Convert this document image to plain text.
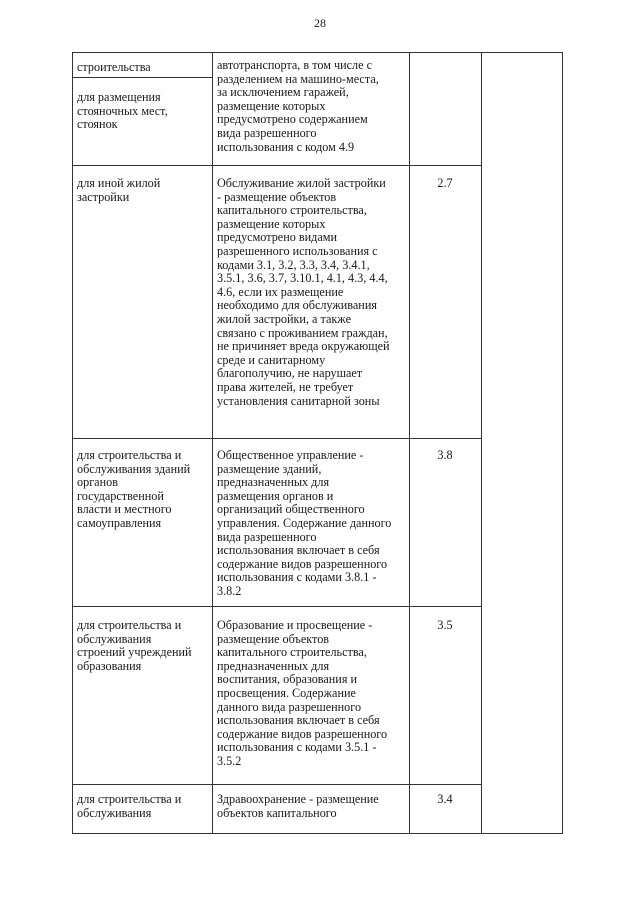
28
строительства
для размещения
стояночных мест,
стоянок
автотранспорта, в том числе с
разделением на машино-места,
за исключением гаражей,
размещение которых
предусмотрено содержанием
вида разрешенного
использования с кодом 4.9
для иной жилой
застройки
Обслуживание жилой застройки
- размещение объектов
капитального строительства,
размещение которых
предусмотрено видами
разрешенного использования с
кодами 3.1, 3.2, 3.3, 3.4, 3.4.1,
3.5.1, 3.6, 3.7, 3.10.1, 4.1, 4.3, 4.4,
4.6, если их размещение
необходимо для обслуживания
жилой застройки, а также
связано с проживанием граждан,
не причиняет вреда окружающей
среде и санитарному
благополучию, не нарушает
права жителей, не требует
установления санитарной зоны
2.7
для строительства и
обслуживания зданий
органов
государственной
власти и местного
самоуправления
Общественное управление -
размещение зданий,
предназначенных для
размещения органов и
организаций общественного
управления. Содержание данного
вида разрешенного
использования включает в себя
содержание видов разрешенного
использования с кодами 3.8.1 -
3.8.2
3.8
для строительства и
обслуживания
строений учреждений
образования
Образование и просвещение -
размещение объектов
капитального строительства,
предназначенных для
воспитания, образования и
просвещения. Содержание
данного вида разрешенного
использования включает в себя
содержание видов разрешенного
использования с кодами 3.5.1 -
3.5.2
3.5
для строительства и
обслуживания
Здравоохранение - размещение
объектов капитального
3.4
